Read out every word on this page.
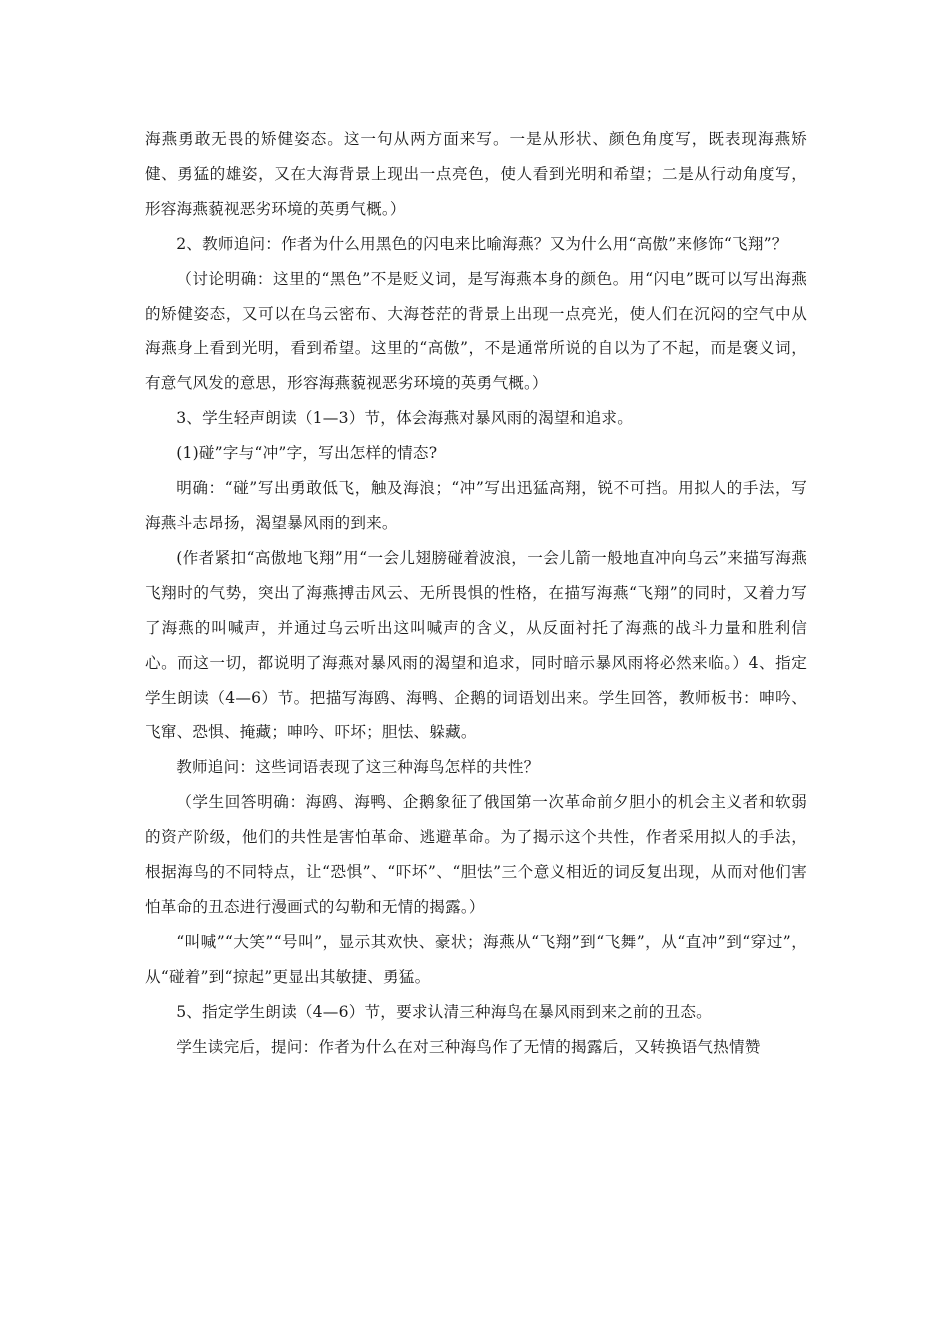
海燕勇敢无畏的矫健姿态。这一句从两方面来写。一是从形状、颜色角度写，既表现海燕矫健、勇猛的雄姿，又在大海背景上现出一点亮色，使人看到光明和希望；二是从行动角度写，形容海燕藐视恶劣环境的英勇气概。）

2、教师追问：作者为什么用黑色的闪电来比喻海燕？又为什么用“高傲”来修饰“飞翔”？

（讨论明确：这里的“黑色”不是贬义词，是写海燕本身的颜色。用“闪电”既可以写出海燕的矫健姿态，又可以在乌云密布、大海苍茫的背景上出现一点亮光，使人们在沉闷的空气中从海燕身上看到光明，看到希望。这里的“高傲”，不是通常所说的自以为了不起，而是褒义词，有意气风发的意思，形容海燕藐视恶劣环境的英勇气概。）

3、学生轻声朗读（1—3）节，体会海燕对暴风雨的渴望和追求。

(1)碰”字与“冲”字，写出怎样的情态?

明确：“碰”写出勇敢低飞，触及海浪；“冲”写出迅猛高翔，锐不可挡。用拟人的手法，写海燕斗志昂扬，渴望暴风雨的到来。

(作者紧扣“高傲地飞翔”用“一会儿翅膀碰着波浪，一会儿箭一般地直冲向乌云”来描写海燕飞翔时的气势，突出了海燕搏击风云、无所畏惧的性格，在描写海燕“飞翔”的同时，又着力写了海燕的叫喊声，并通过乌云听出这叫喊声的含义，从反面衬托了海燕的战斗力量和胜利信心。而这一切，都说明了海燕对暴风雨的渴望和追求，同时暗示暴风雨将必然来临。）4、指定学生朗读（4—6）节。把描写海鸥、海鸭、企鹅的词语划出来。学生回答，教师板书：呻吟、飞窜、恐惧、掩藏；呻吟、吓坏；胆怯、躲藏。

教师追问：这些词语表现了这三种海鸟怎样的共性？

（学生回答明确：海鸥、海鸭、企鹅象征了俄国第一次革命前夕胆小的机会主义者和软弱的资产阶级，他们的共性是害怕革命、逃避革命。为了揭示这个共性，作者采用拟人的手法，根据海鸟的不同特点，让“恐惧”、“吓坏”、“胆怯”三个意义相近的词反复出现，从而对他们害怕革命的丑态进行漫画式的勾勒和无情的揭露。）

“叫喊”“大笑”“号叫”，显示其欢快、豪状；海燕从“飞翔”到“飞舞”，从“直冲”到“穿过”，从“碰着”到“掠起”更显出其敏捷、勇猛。

5、指定学生朗读（4—6）节，要求认清三种海鸟在暴风雨到来之前的丑态。

学生读完后，提问：作者为什么在对三种海鸟作了无情的揭露后，又转换语气热情赞
